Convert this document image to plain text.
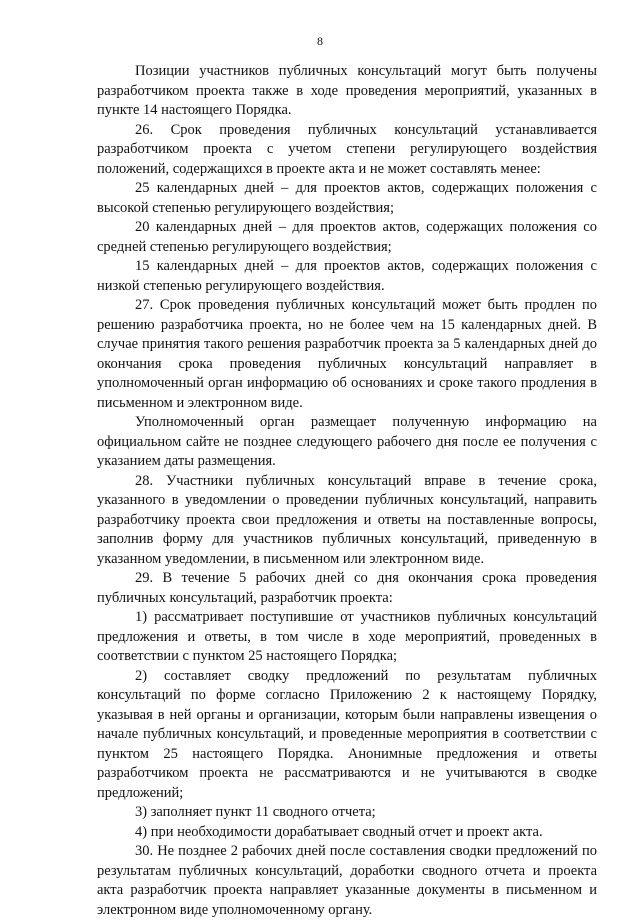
8

Позиции участников публичных консультаций могут быть получены разработчиком проекта также в ходе проведения мероприятий, указанных в пункте 14 настоящего Порядка.

26. Срок проведения публичных консультаций устанавливается разработчиком проекта с учетом степени регулирующего воздействия положений, содержащихся в проекте акта и не может составлять менее:

25 календарных дней – для проектов актов, содержащих положения с высокой степенью регулирующего воздействия;

20 календарных дней – для проектов актов, содержащих положения со средней степенью регулирующего воздействия;

15 календарных дней – для проектов актов, содержащих положения с низкой степенью регулирующего воздействия.

27. Срок проведения публичных консультаций может быть продлен по решению разработчика проекта, но не более чем на 15 календарных дней. В случае принятия такого решения разработчик проекта за 5 календарных дней до окончания срока проведения публичных консультаций направляет в уполномоченный орган информацию об основаниях и сроке такого продления в письменном и электронном виде.

Уполномоченный орган размещает полученную информацию на официальном сайте не позднее следующего рабочего дня после ее получения с указанием даты размещения.

28. Участники публичных консультаций вправе в течение срока, указанного в уведомлении о проведении публичных консультаций, направить разработчику проекта свои предложения и ответы на поставленные вопросы, заполнив форму для участников публичных консультаций, приведенную в указанном уведомлении, в письменном или электронном виде.

29. В течение 5 рабочих дней со дня окончания срока проведения публичных консультаций, разработчик проекта:

1) рассматривает поступившие от участников публичных консультаций предложения и ответы, в том числе в ходе мероприятий, проведенных в соответствии с пунктом 25 настоящего Порядка;

2) составляет сводку предложений по результатам публичных консультаций по форме согласно Приложению 2 к настоящему Порядку, указывая в ней органы и организации, которым были направлены извещения о начале публичных консультаций, и проведенные мероприятия в соответствии с пунктом 25 настоящего Порядка. Анонимные предложения и ответы разработчиком проекта не рассматриваются и не учитываются в сводке предложений;

3) заполняет пункт 11 сводного отчета;

4) при необходимости дорабатывает сводный отчет и проект акта.

30. Не позднее 2 рабочих дней после составления сводки предложений по результатам публичных консультаций, доработки сводного отчета и проекта акта разработчик проекта направляет указанные документы в письменном и электронном виде уполномоченному органу.
